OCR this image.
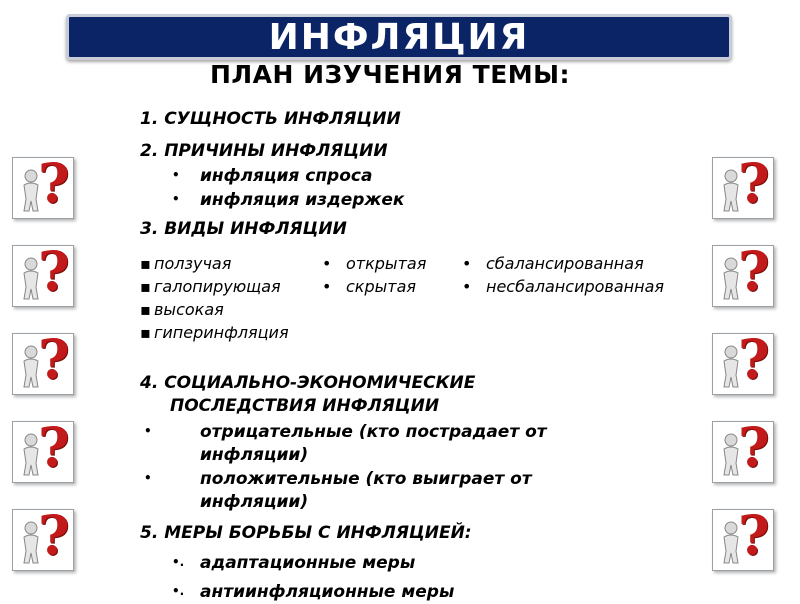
ИНФЛЯЦИЯ
ПЛАН ИЗУЧЕНИЯ ТЕМЫ:
1. СУЩНОСТЬ ИНФЛЯЦИИ
2. ПРИЧИНЫ ИНФЛЯЦИИ
• инфляция спроса
• инфляция издержек
3. ВИДЫ ИНФЛЯЦИИ
▪ ползучая
▪ галопирующая
▪ высокая
▪ гиперинфляция
• открытая
• скрытая
• сбалансированная
• несбалансированная
4. СОЦИАЛЬНО-ЭКОНОМИЧЕСКИЕ
ПОСЛЕДСТВИЯ ИНФЛЯЦИИ
•	отрицательные (кто пострадает от инфляции)
•	положительные (кто выиграет от инфляции)
5. МЕРЫ БОРЬБЫ С ИНФЛЯЦИЕЙ:
•. адаптационные меры
•. антиинфляционные меры
?
?
?
?
?
?
?
?
?
?
